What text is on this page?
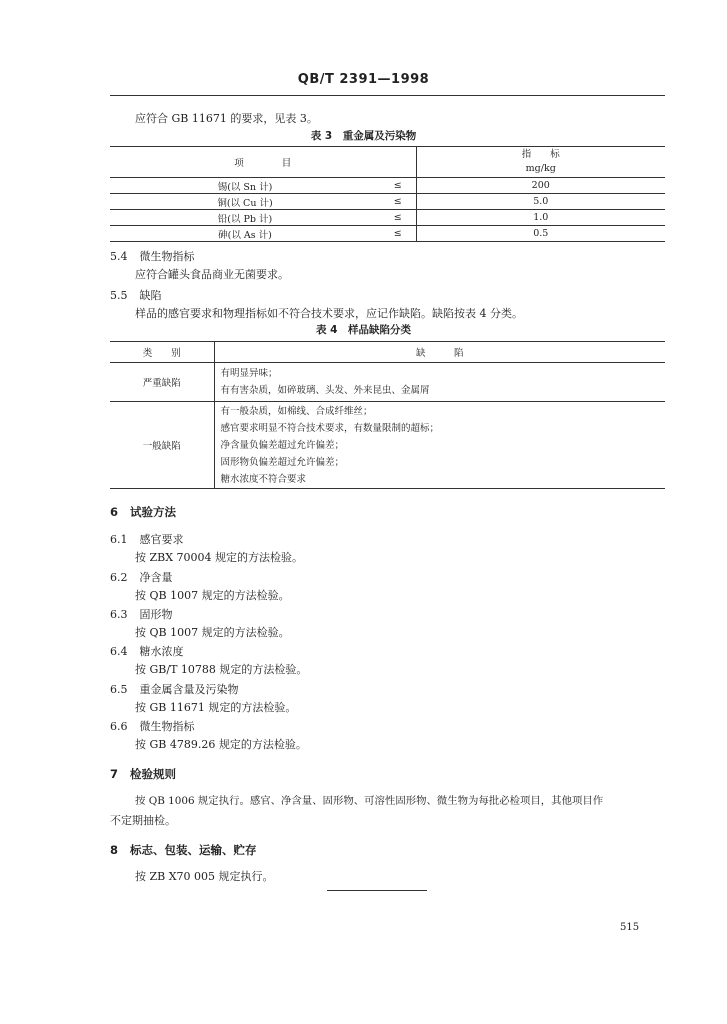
QB/T 2391—1998
应符合 GB 11671 的要求，见表 3。
表 3　重金属及污染物
项　　　　目		指　　标
mg/kg

锡(以 Sn 计)	≤	200
铜(以 Cu 计)	≤	5.0
铅(以 Pb 计)	≤	1.0
砷(以 As 计)	≤	0.5
5.4 微生物指标
应符合罐头食品商业无菌要求。
5.5 缺陷
样品的感官要求和物理指标如不符合技术要求，应记作缺陷。缺陷按表 4 分类。
表 4　样品缺陷分类
类　　别	缺　　　陷
严重缺陷	有明显异味；
有有害杂质，如碎玻璃、头发、外来昆虫、金属屑

一般缺陷	有一般杂质，如棉线、合成纤维丝；
感官要求明显不符合技术要求，有数量限制的超标；
净含量负偏差超过允许偏差；
固形物负偏差超过允许偏差；
糖水浓度不符合要求
6 试验方法
6.1 感官要求
按 ZBX 70004 规定的方法检验。
6.2 净含量
按 QB 1007 规定的方法检验。
6.3 固形物
按 QB 1007 规定的方法检验。
6.4 糖水浓度
按 GB/T 10788 规定的方法检验。
6.5 重金属含量及污染物
按 GB 11671 规定的方法检验。
6.6 微生物指标
按 GB 4789.26 规定的方法检验。
7 检验规则
按 QB 1006 规定执行。感官、净含量、固形物、可溶性固形物、微生物为每批必检项目，其他项目作
不定期抽检。
8 标志、包装、运输、贮存
按 ZB X70 005 规定执行。
515
